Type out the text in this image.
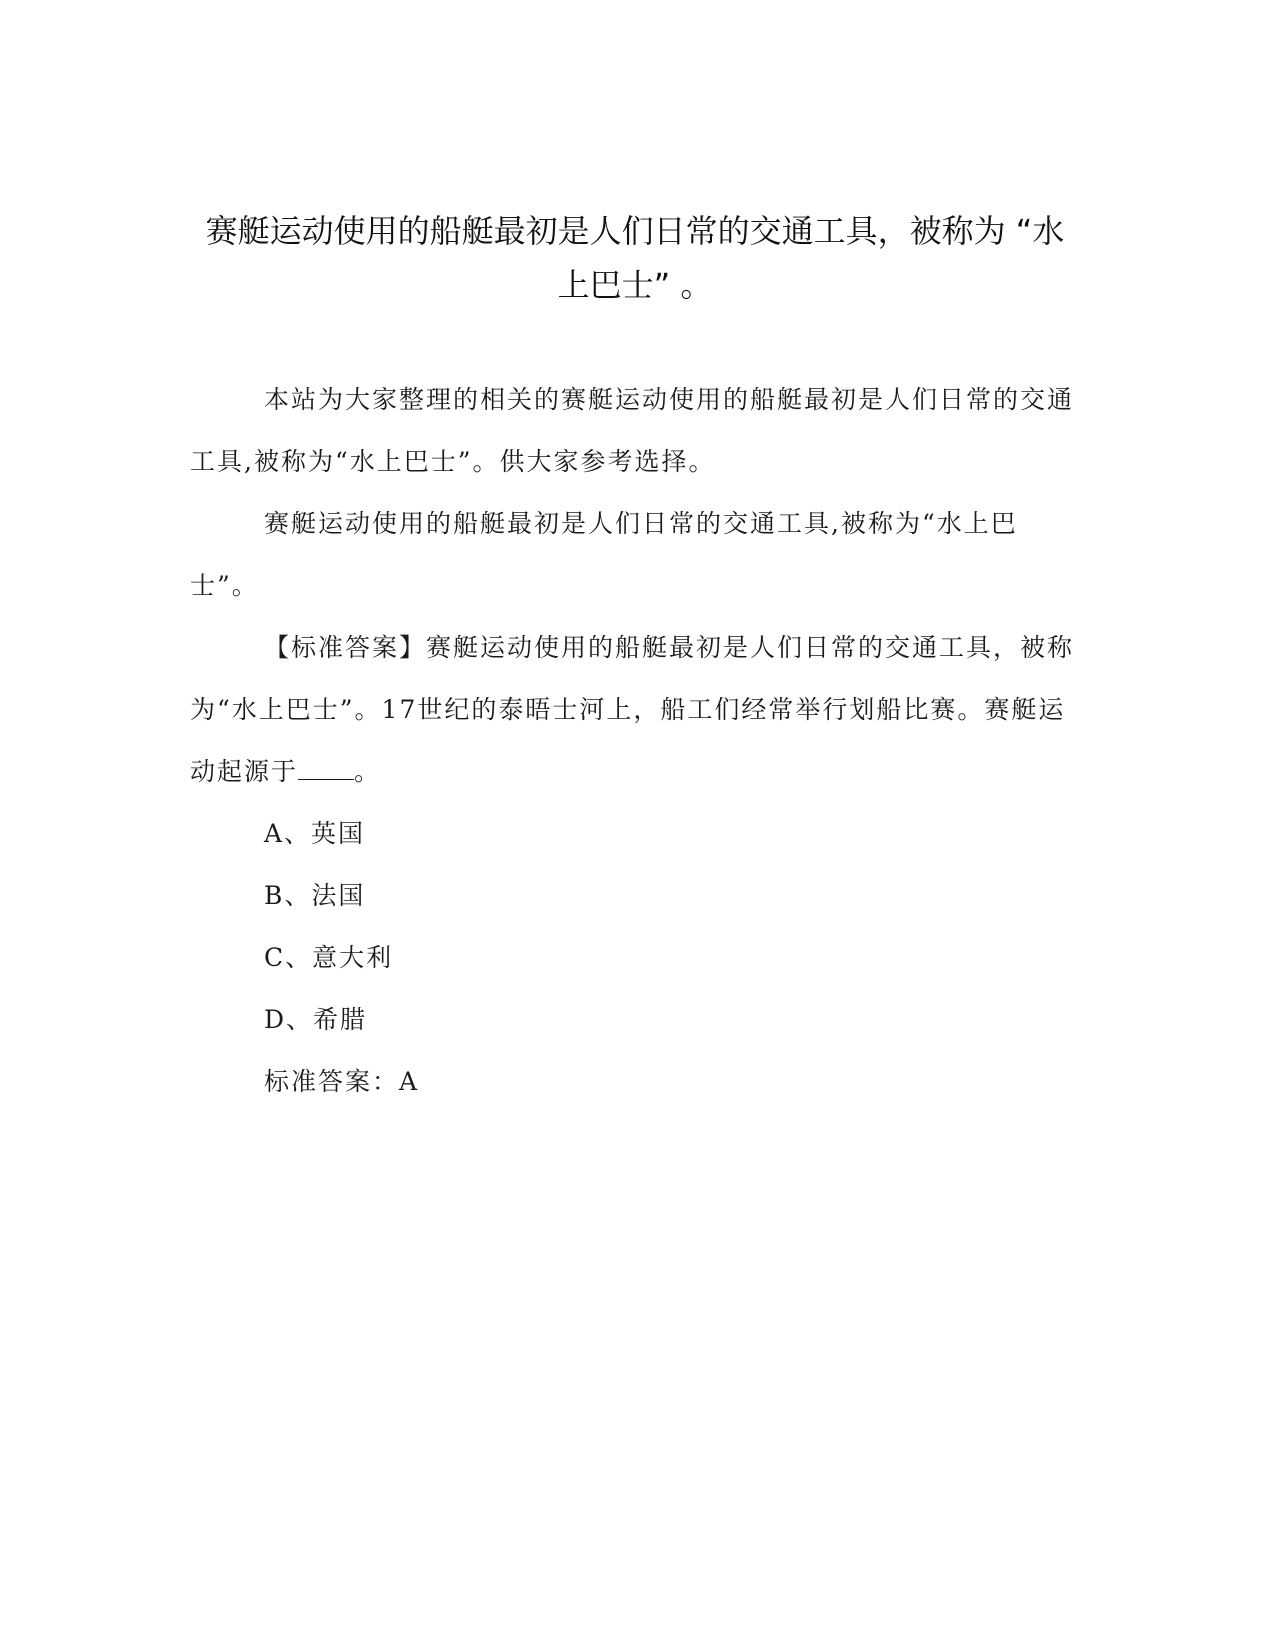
赛艇运动使用的船艇最初是人们日常的交通工具，被称为 “水上巴士” 。

本站为大家整理的相关的赛艇运动使用的船艇最初是人们日常的交通工具,被称为“水上巴士”。供大家参考选择。

赛艇运动使用的船艇最初是人们日常的交通工具,被称为“水上巴士”。

【标准答案】赛艇运动使用的船艇最初是人们日常的交通工具，被称为“水上巴士”。17世纪的泰晤士河上，船工们经常举行划船比赛。赛艇运动起源于 。

A、英国

B、法国

C、意大利

D、希腊

标准答案：A
